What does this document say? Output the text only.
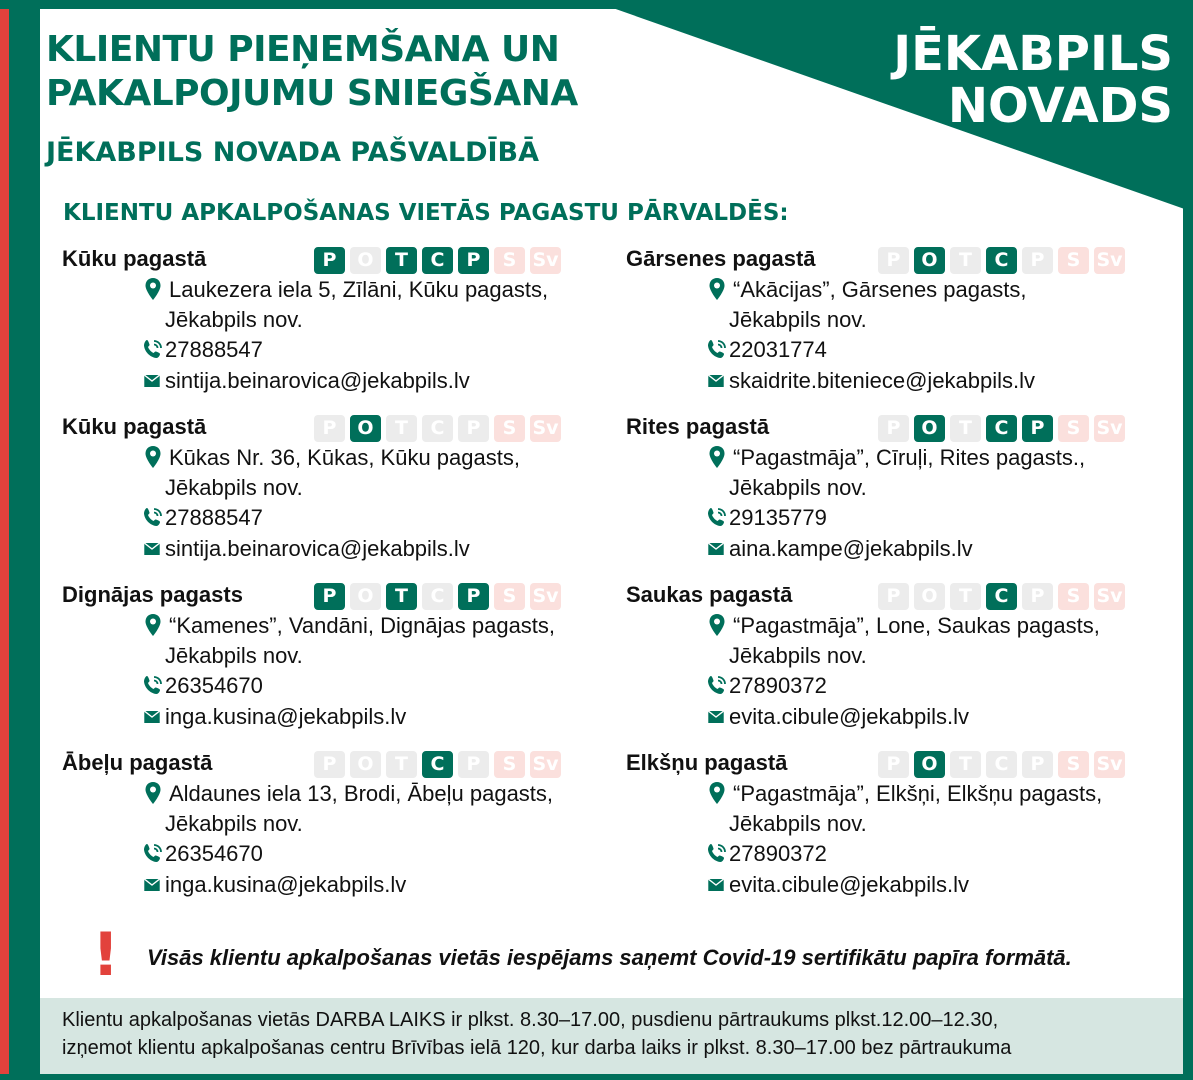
JĒKABPILS
NOVADS
KLIENTU PIEŅEMŠANA UN
PAKALPOJUMU SNIEGŠANA
JĒKABPILS NOVADA PAŠVALDĪBĀ
KLIENTU APKALPOŠANAS VIETĀS PAGASTU PĀRVALDĒS:
Kūku pagastā	P	O	T	C	P	S Sv
Laukezera iela 5, Zīlāni, Kūku pagasts,
Jēkabpils nov.
27888547
sintija.beinarovica@jekabpils.lv
Kūku pagastā	P	O	T	C	P	S Sv
Kūkas Nr. 36, Kūkas, Kūku pagasts,
Jēkabpils nov.
27888547
sintija.beinarovica@jekabpils.lv
Dignājas pagasts	P	O	T	C	P	S Sv
“Kamenes”, Vandāni, Dignājas pagasts,
Jēkabpils nov.
26354670
inga.kusina@jekabpils.lv
Ābeļu pagastā	P	O	T	C	P	S Sv
Aldaunes iela 13, Brodi, Ābeļu pagasts,
Jēkabpils nov.
26354670
inga.kusina@jekabpils.lv
Gārsenes pagastā	P	O	T	C	P	S Sv
“Akācijas”, Gārsenes pagasts,
Jēkabpils nov.
22031774
skaidrite.biteniece@jekabpils.lv
Rites pagastā	P	O	T	C	P	S Sv
“Pagastmāja”, Cīruļi, Rites pagasts.,
Jēkabpils nov.
29135779
aina.kampe@jekabpils.lv
Saukas pagastā	P	O	T	C	P	S Sv
“Pagastmāja”, Lone, Saukas pagasts,
Jēkabpils nov.
27890372
evita.cibule@jekabpils.lv
Elkšņu pagastā	P	O	T	C	P	S Sv
“Pagastmāja”, Elkšņi, Elkšņu pagasts,
Jēkabpils nov.
27890372
evita.cibule@jekabpils.lv
! Visās klientu apkalpošanas vietās iespējams saņemt Covid-19 sertifikātu papīra formātā.
Klientu apkalpošanas vietās DARBA LAIKS ir plkst. 8.30–17.00, pusdienu pārtraukums plkst.12.00–12.30,
izņemot klientu apkalpošanas centru Brīvības ielā 120, kur darba laiks ir plkst. 8.30–17.00 bez pārtraukuma
